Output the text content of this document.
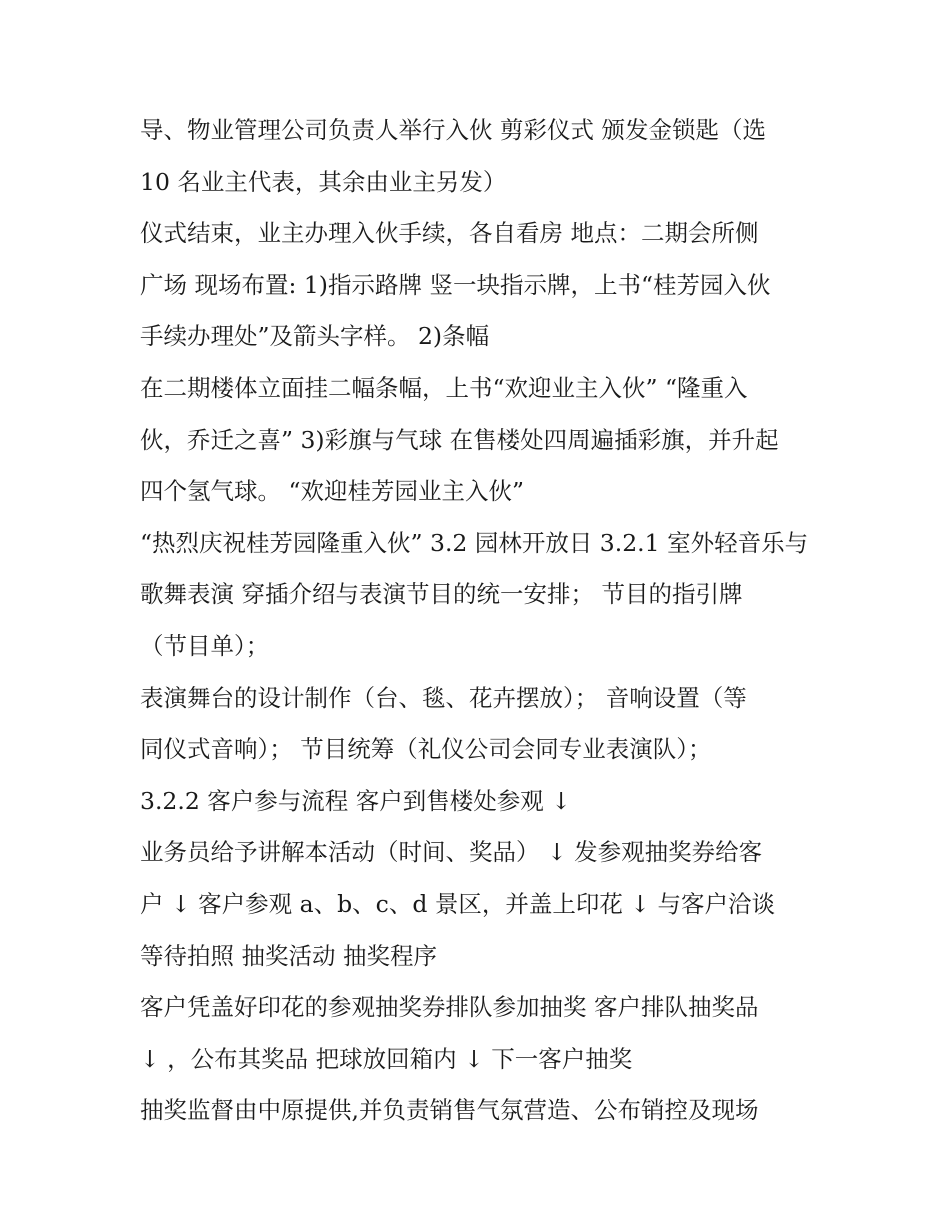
导、物业管理公司负责人举行入伙 剪彩仪式 颁发金锁匙（选
10 名业主代表，其余由业主另发）
仪式结束，业主办理入伙手续，各自看房 地点：二期会所侧
广场 现场布置: 1)指示路牌 竖一块指示牌，上书“桂芳园入伙
手续办理处”及箭头字样。 2)条幅
在二期楼体立面挂二幅条幅，上书“欢迎业主入伙” “隆重入
伙，乔迁之喜” 3)彩旗与气球 在售楼处四周遍插彩旗，并升起
四个氢气球。 “欢迎桂芳园业主入伙”
“热烈庆祝桂芳园隆重入伙” 3.2 园林开放日 3.2.1 室外轻音乐与
歌舞表演 穿插介绍与表演节目的统一安排； 节目的指引牌
（节目单）；
表演舞台的设计制作（台、毯、花卉摆放）； 音响设置（等
同仪式音响）； 节目统筹（礼仪公司会同专业表演队）；
3.2.2 客户参与流程 客户到售楼处参观 ↓
业务员给予讲解本活动（时间、奖品） ↓ 发参观抽奖券给客
户 ↓ 客户参观 a、b、c、d 景区，并盖上印花 ↓ 与客户洽谈
等待拍照 抽奖活动 抽奖程序
客户凭盖好印花的参观抽奖券排队参加抽奖 客户排队抽奖品
↓ ，公布其奖品 把球放回箱内 ↓ 下一客户抽奖
抽奖监督由中原提供,并负责销售气氛营造、公布销控及现场
